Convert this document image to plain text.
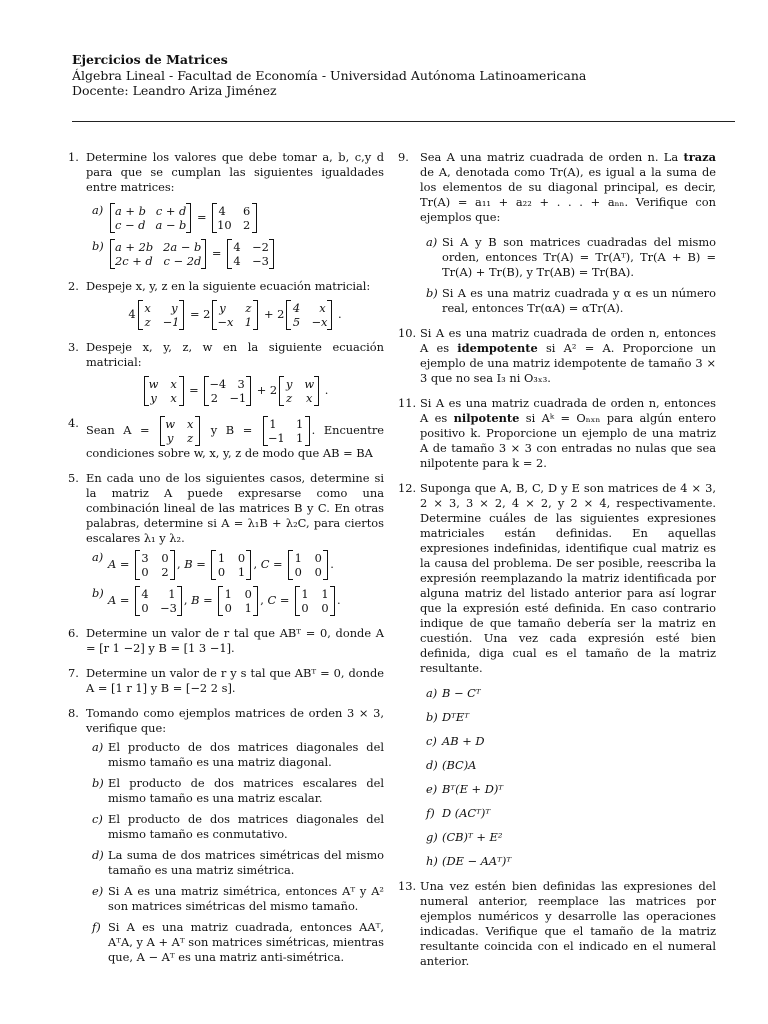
Ejercicios de Matrices
Álgebra Lineal - Facultad de Economía - Universidad Autónoma Latinoamericana
Docente: Leandro Ariza Jiménez
1. Determine los valores que debe tomar a, b, c,y d para que se cumplan las siguientes igualdades entre matrices:
a) a + b c + d
c − d a − b
= 4 6
10 2
b) a + 2b 2a − b
2c + d c − 2d
= 4 −2
4 −3
2. Despeje x, y, z en la siguiente ecuación matricial:
4 x y
z −1
= 2 y z
−x 1
+ 2 4 x
5 −x
.
3. Despeje x, y, z, w en la siguiente ecuación matricial:
w x
y x
= −4 3
2 −1
+ 2 y w
z x
.
4. Sean A = w x
y z
y B = 1 1
−1 1
. Encuentre condiciones sobre w, x, y, z de modo que AB = BA
5. En cada uno de los siguientes casos, determine si la matriz A puede expresarse como una combinación lineal de las matrices B y C. En otras palabras, determine si A = λ₁B + λ₂C, para ciertos escalares λ₁ y λ₂.
a) A = 3 0
0 2
, B = 1 0
0 1
, C = 1 0
0 0
.
b) A = 4 1
0 −3
, B = 1 0
0 1
, C = 1 1
0 0
.
6. Determine un valor de r tal que ABᵀ = 0, donde A = [r 1 −2] y B = [1 3 −1].
7. Determine un valor de r y s tal que ABᵀ = 0, donde A = [1 r 1] y B = [−2 2 s].
8. Tomando como ejemplos matrices de orden 3 × 3, verifique que:
a) El producto de dos matrices diagonales del mismo tamaño es una matriz diagonal.
b) El producto de dos matrices escalares del mismo tamaño es una matriz escalar.
c) El producto de dos matrices diagonales del mismo tamaño es conmutativo.
d) La suma de dos matrices simétricas del mismo tamaño es una matriz simétrica.
e) Si A es una matriz simétrica, entonces Aᵀ y A² son matrices simétricas del mismo tamaño.
f) Si A es una matriz cuadrada, entonces AAᵀ, AᵀA, y A + Aᵀ son matrices simétricas, mientras que, A − Aᵀ es una matriz anti-simétrica.
9. Sea A una matriz cuadrada de orden n. La traza de A, denotada como Tr(A), es igual a la suma de los elementos de su diagonal principal, es decir, Tr(A) = a₁₁ + a₂₂ + . . . + aₙₙ. Verifique con ejemplos que:
a) Si A y B son matrices cuadradas del mismo orden, entonces Tr(A) = Tr(Aᵀ), Tr(A + B) = Tr(A) + Tr(B), y Tr(AB) = Tr(BA).
b) Si A es una matriz cuadrada y α es un número real, entonces Tr(αA) = αTr(A).
10. Si A es una matriz cuadrada de orden n, entonces A es idempotente si A² = A. Proporcione un ejemplo de una matriz idempotente de tamaño 3 × 3 que no sea I₃ ni O₃ₓ₃.
11. Si A es una matriz cuadrada de orden n, entonces A es nilpotente si Aᵏ = Oₙₓₙ para algún entero positivo k. Proporcione un ejemplo de una matriz A de tamaño 3 × 3 con entradas no nulas que sea nilpotente para k = 2.
12. Suponga que A, B, C, D y E son matrices de 4 × 3, 2 × 3, 3 × 2, 4 × 2, y 2 × 4, respectivamente. Determine cuáles de las siguientes expresiones matriciales están definidas. En aquellas expresiones indefinidas, identifique cual matriz es la causa del problema. De ser posible, reescriba la expresión reemplazando la matriz identificada por alguna matriz del listado anterior para así lograr que la expresión esté definida. En caso contrario indique de que tamaño debería ser la matriz en cuestión. Una vez cada expresión esté bien definida, diga cual es el tamaño de la matriz resultante.
a) B − Cᵀ
b) DᵀEᵀ
c) AB + D
d) (BC)A
e) Bᵀ(E + D)ᵀ
f) D (ACᵀ)ᵀ
g) (CB)ᵀ + E²
h) (DE − AAᵀ)ᵀ
13. Una vez estén bien definidas las expresiones del numeral anterior, reemplace las matrices por ejemplos numéricos y desarrolle las operaciones indicadas. Verifique que el tamaño de la matriz resultante coincida con el indicado en el numeral anterior.
